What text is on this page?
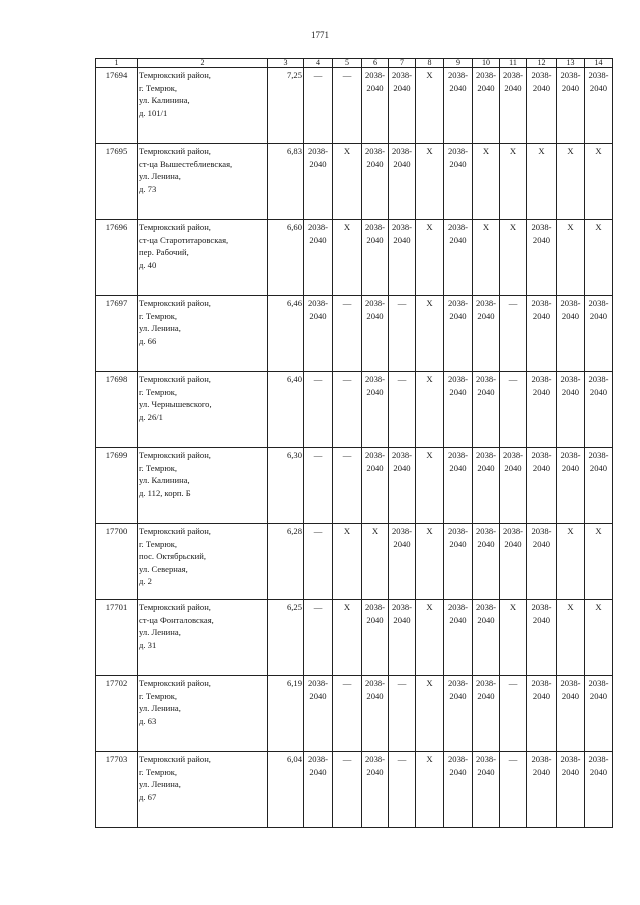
1771
1	2	3	4	5	6	7	8	9	10	11	12	13	14
17694	Темрюкский район,
г. Темрюк,
ул. Калинина,
д. 101/1	7,25	—	—	2038-
2040	2038-
2040	X	2038-
2040	2038-
2040	2038-
2040	2038-
2040	2038-
2040	2038-
2040

17695	Темрюкский район,
ст-ца Вышестеблиевская,
ул. Ленина,
д. 73	6,83	2038-
2040	X	2038-
2040	2038-
2040	X	2038-
2040	X	X	X	X	X

17696	Темрюкский район,
ст-ца Старотитаровская,
пер. Рабочий,
д. 40	6,60	2038-
2040	X	2038-
2040	2038-
2040	X	2038-
2040	X	X	2038-
2040	X	X

17697	Темрюкский район,
г. Темрюк,
ул. Ленина,
д. 66	6,46	2038-
2040	—	2038-
2040	—	X	2038-
2040	2038-
2040	—	2038-
2040	2038-
2040	2038-
2040

17698	Темрюкский район,
г. Темрюк,
ул. Чернышевского,
д. 26/1	6,40	—	—	2038-
2040	—	X	2038-
2040	2038-
2040	—	2038-
2040	2038-
2040	2038-
2040

17699	Темрюкский район,
г. Темрюк,
ул. Калинина,
д. 112, корп. Б	6,30	—	—	2038-
2040	2038-
2040	X	2038-
2040	2038-
2040	2038-
2040	2038-
2040	2038-
2040	2038-
2040

17700	Темрюкский район,
г. Темрюк,
пос. Октябрьский,
ул. Северная,
д. 2	6,28	—	X	X	2038-
2040	X	2038-
2040	2038-
2040	2038-
2040	2038-
2040	X	X

17701	Темрюкский район,
ст-ца Фонталовская,
ул. Ленина,
д. 31	6,25	—	X	2038-
2040	2038-
2040	X	2038-
2040	2038-
2040	X	2038-
2040	X	X

17702	Темрюкский район,
г. Темрюк,
ул. Ленина,
д. 63	6,19	2038-
2040	—	2038-
2040	—	X	2038-
2040	2038-
2040	—	2038-
2040	2038-
2040	2038-
2040

17703	Темрюкский район,
г. Темрюк,
ул. Ленина,
д. 67	6,04	2038-
2040	—	2038-
2040	—	X	2038-
2040	2038-
2040	—	2038-
2040	2038-
2040	2038-
2040
